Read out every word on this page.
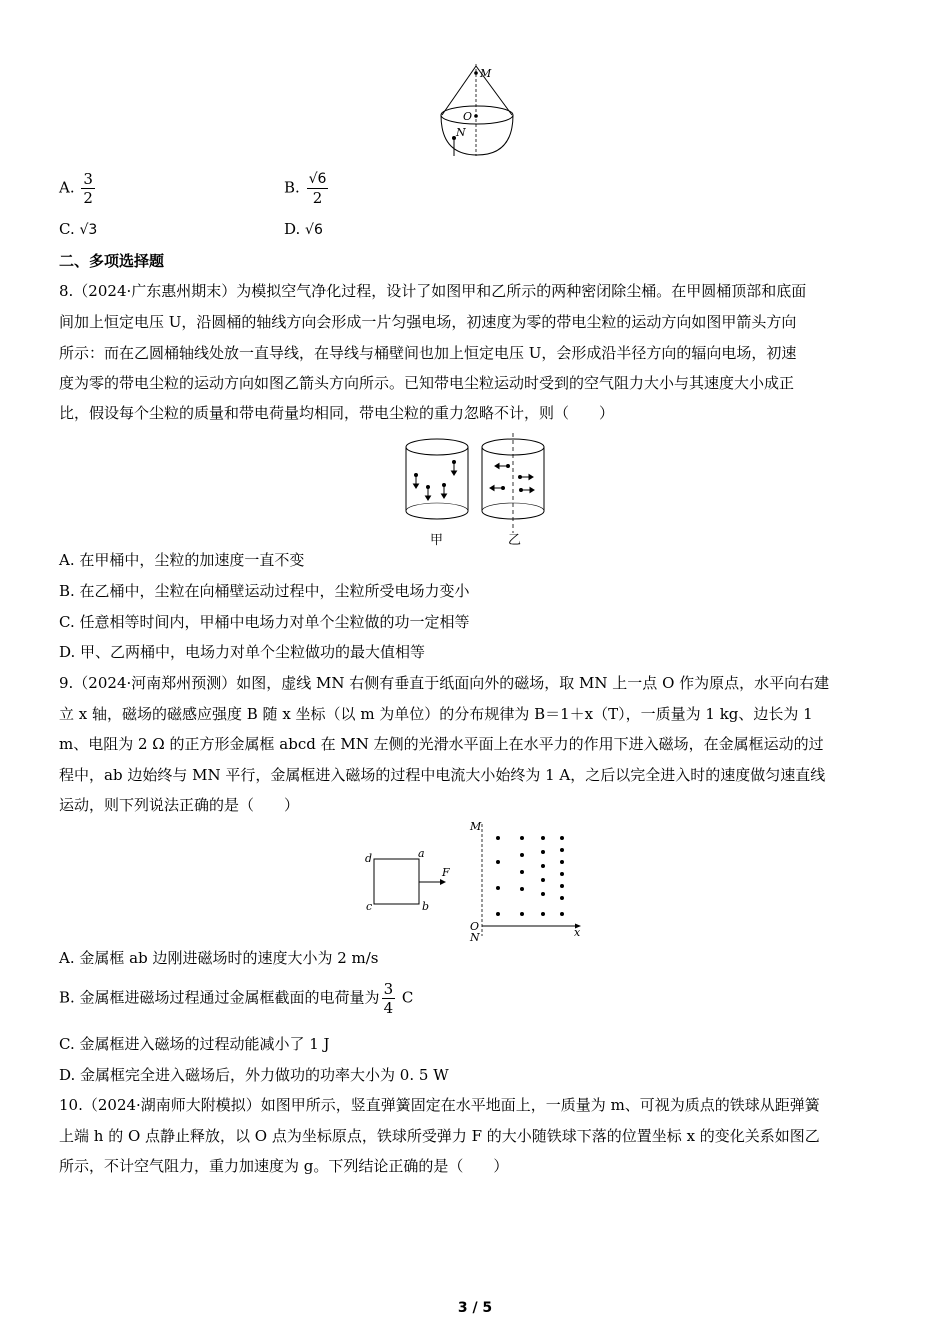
M
O
N
A. $\frac{3}{2}$	B. $\frac{√6}{2}$
C. √3	D. √6
二、多项选择题
8.（2024·广东惠州期末）为模拟空气净化过程，设计了如图甲和乙所示的两种密闭除尘桶。在甲圆桶顶部和底面
间加上恒定电压 U，沿圆桶的轴线方向会形成一片匀强电场，初速度为零的带电尘粒的运动方向如图甲箭头方向
所示：而在乙圆桶轴线处放一直导线，在导线与桶壁间也加上恒定电压 U，会形成沿半径方向的辐向电场，初速
度为零的带电尘粒的运动方向如图乙箭头方向所示。已知带电尘粒运动时受到的空气阻力大小与其速度大小成正
比，假设每个尘粒的质量和带电荷量均相同，带电尘粒的重力忽略不计，则（　　）
甲	乙
A. 在甲桶中，尘粒的加速度一直不变
B. 在乙桶中，尘粒在向桶壁运动过程中，尘粒所受电场力变小
C. 任意相等时间内，甲桶中电场力对单个尘粒做的功一定相等
D. 甲、乙两桶中，电场力对单个尘粒做功的最大值相等
9.（2024·河南郑州预测）如图，虚线 MN 右侧有垂直于纸面向外的磁场，取 MN 上一点 O 作为原点，水平向右建
立 x 轴，磁场的磁感应强度 B 随 x 坐标（以 m 为单位）的分布规律为 B＝1＋x（T），一质量为 1 kg、边长为 1
m、电阻为 2 Ω 的正方形金属框 abcd 在 MN 左侧的光滑水平面上在水平力的作用下进入磁场，在金属框运动的过
程中，ab 边始终与 MN 平行，金属框进入磁场的过程中电流大小始终为 1 A，之后以完全进入时的速度做匀速直线
运动，则下列说法正确的是（　　）
d	a
c	b
F
M
O
N	x
A. 金属框 ab 边刚进磁场时的速度大小为 2 m/s
B. 金属框进磁场过程通过金属框截面的电荷量为 $\frac{3}{4}$ C
C. 金属框进入磁场的过程动能减小了 1 J
D. 金属框完全进入磁场后，外力做功的功率大小为 0. 5 W
10.（2024·湖南师大附模拟）如图甲所示，竖直弹簧固定在水平地面上，一质量为 m、可视为质点的铁球从距弹簧
上端 h 的 O 点静止释放，以 O 点为坐标原点，铁球所受弹力 F 的大小随铁球下落的位置坐标 x 的变化关系如图乙
所示，不计空气阻力，重力加速度为 g。下列结论正确的是（　　）
3 / 5
